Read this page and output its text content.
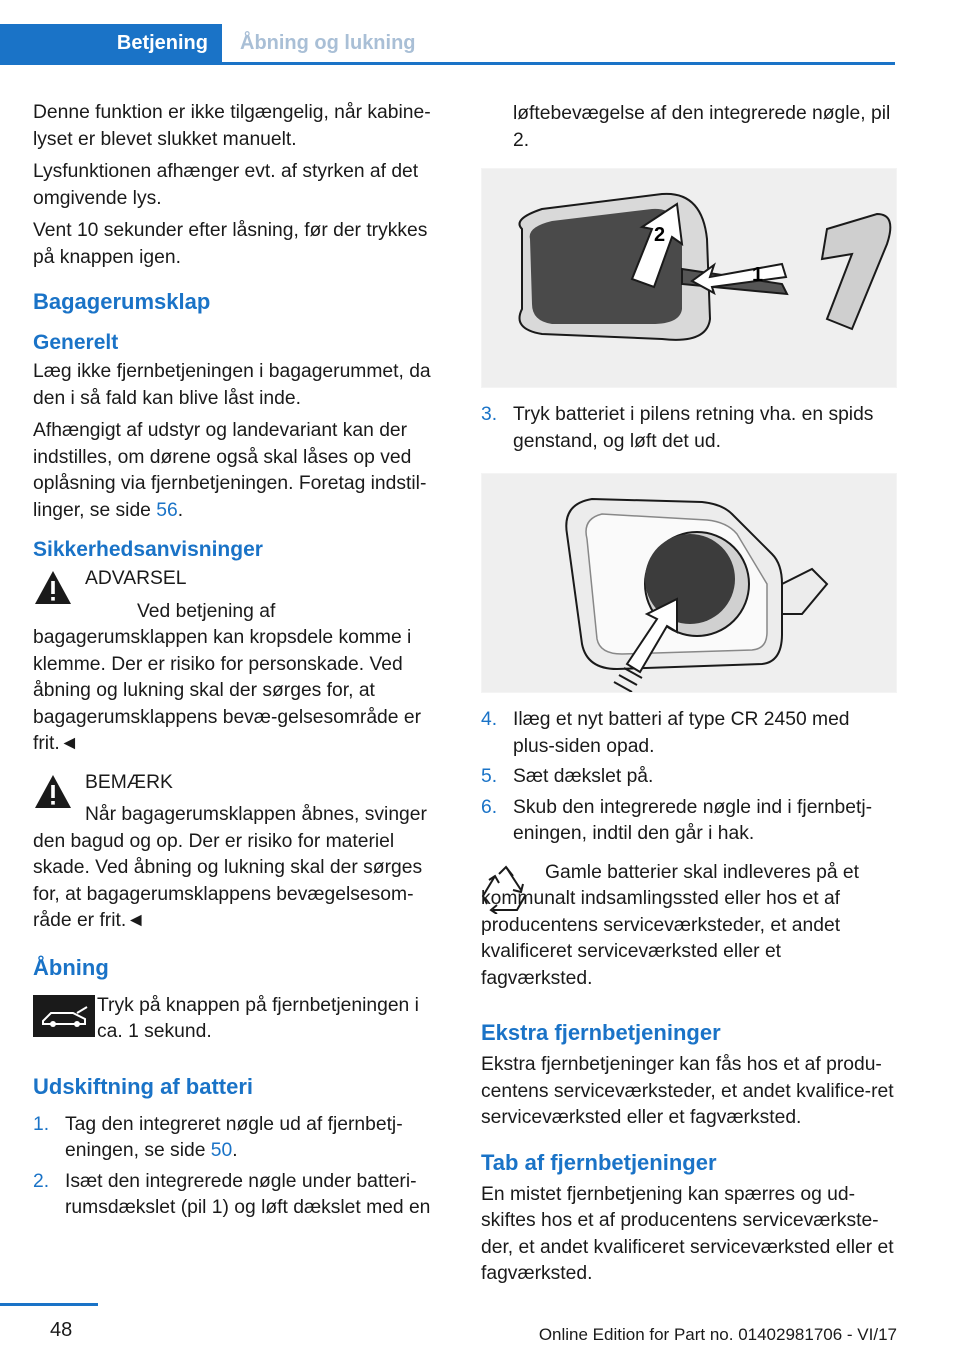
Betjening	Åbning og lukning

Denne funktion er ikke tilgængelig, når kabine-lyset er blevet slukket manuelt.

Lysfunktionen afhænger evt. af styrken af det omgivende lys.

Vent 10 sekunder efter låsning, før der trykkes på knappen igen.

Bagagerumsklap
Generelt

Læg ikke fjernbetjeningen i bagagerummet, da den i så fald kan blive låst inde.

Afhængigt af udstyr og landevariant kan der indstilles, om dørene også skal låses op ved oplåsning via fjernbetjeningen. Foretag indstil-linger, se side 56.

Sikkerhedsanvisninger

ADVARSEL

Ved betjening af bagagerumsklappen kan kropsdele komme i klemme. Der er risiko for personskade. Ved åbning og lukning skal der sørges for, at bagagerumsklappens bevæ-gelsesområde er frit.◄

BEMÆRK

Når bagagerumsklappen åbnes, svinger den bagud og op. Der er risiko for materiel skade. Ved åbning og lukning skal der sørges for, at bagagerumsklappens bevægelsesom-råde er frit.◄

Åbning

Tryk på knappen på fjernbetjeningen i ca. 1 sekund.

Udskiftning af batteri
1. Tag den integreret nøgle ud af fjernbetj-eningen, se side 50.
2. Isæt den integrerede nøgle under batteri-rumsdækslet (pil 1) og løft dækslet med en

løftebevægelse af den integrerede nøgle, pil 2.

1
2
3. Tryk batteriet i pilens retning vha. en spids genstand, og løft det ud.
4. Ilæg et nyt batteri af type CR 2450 med plus-siden opad.
5. Sæt dækslet på.
6. Skub den integrerede nøgle ind i fjernbetj-eningen, indtil den går i hak.

Gamle batterier skal indleveres på et kommunalt indsamlingssted eller hos et af producentens serviceværksteder, et andet kvalificeret serviceværksted eller et fagværksted.

Ekstra fjernbetjeninger

Ekstra fjernbetjeninger kan fås hos et af produ-centens serviceværksteder, et andet kvalifice-ret serviceværksted eller et fagværksted.

Tab af fjernbetjeninger

En mistet fjernbetjening kan spærres og ud-skiftes hos et af producentens serviceværkste-der, et andet kvalificeret serviceværksted eller et fagværksted.

48	Online Edition for Part no. 01402981706 - VI/17
